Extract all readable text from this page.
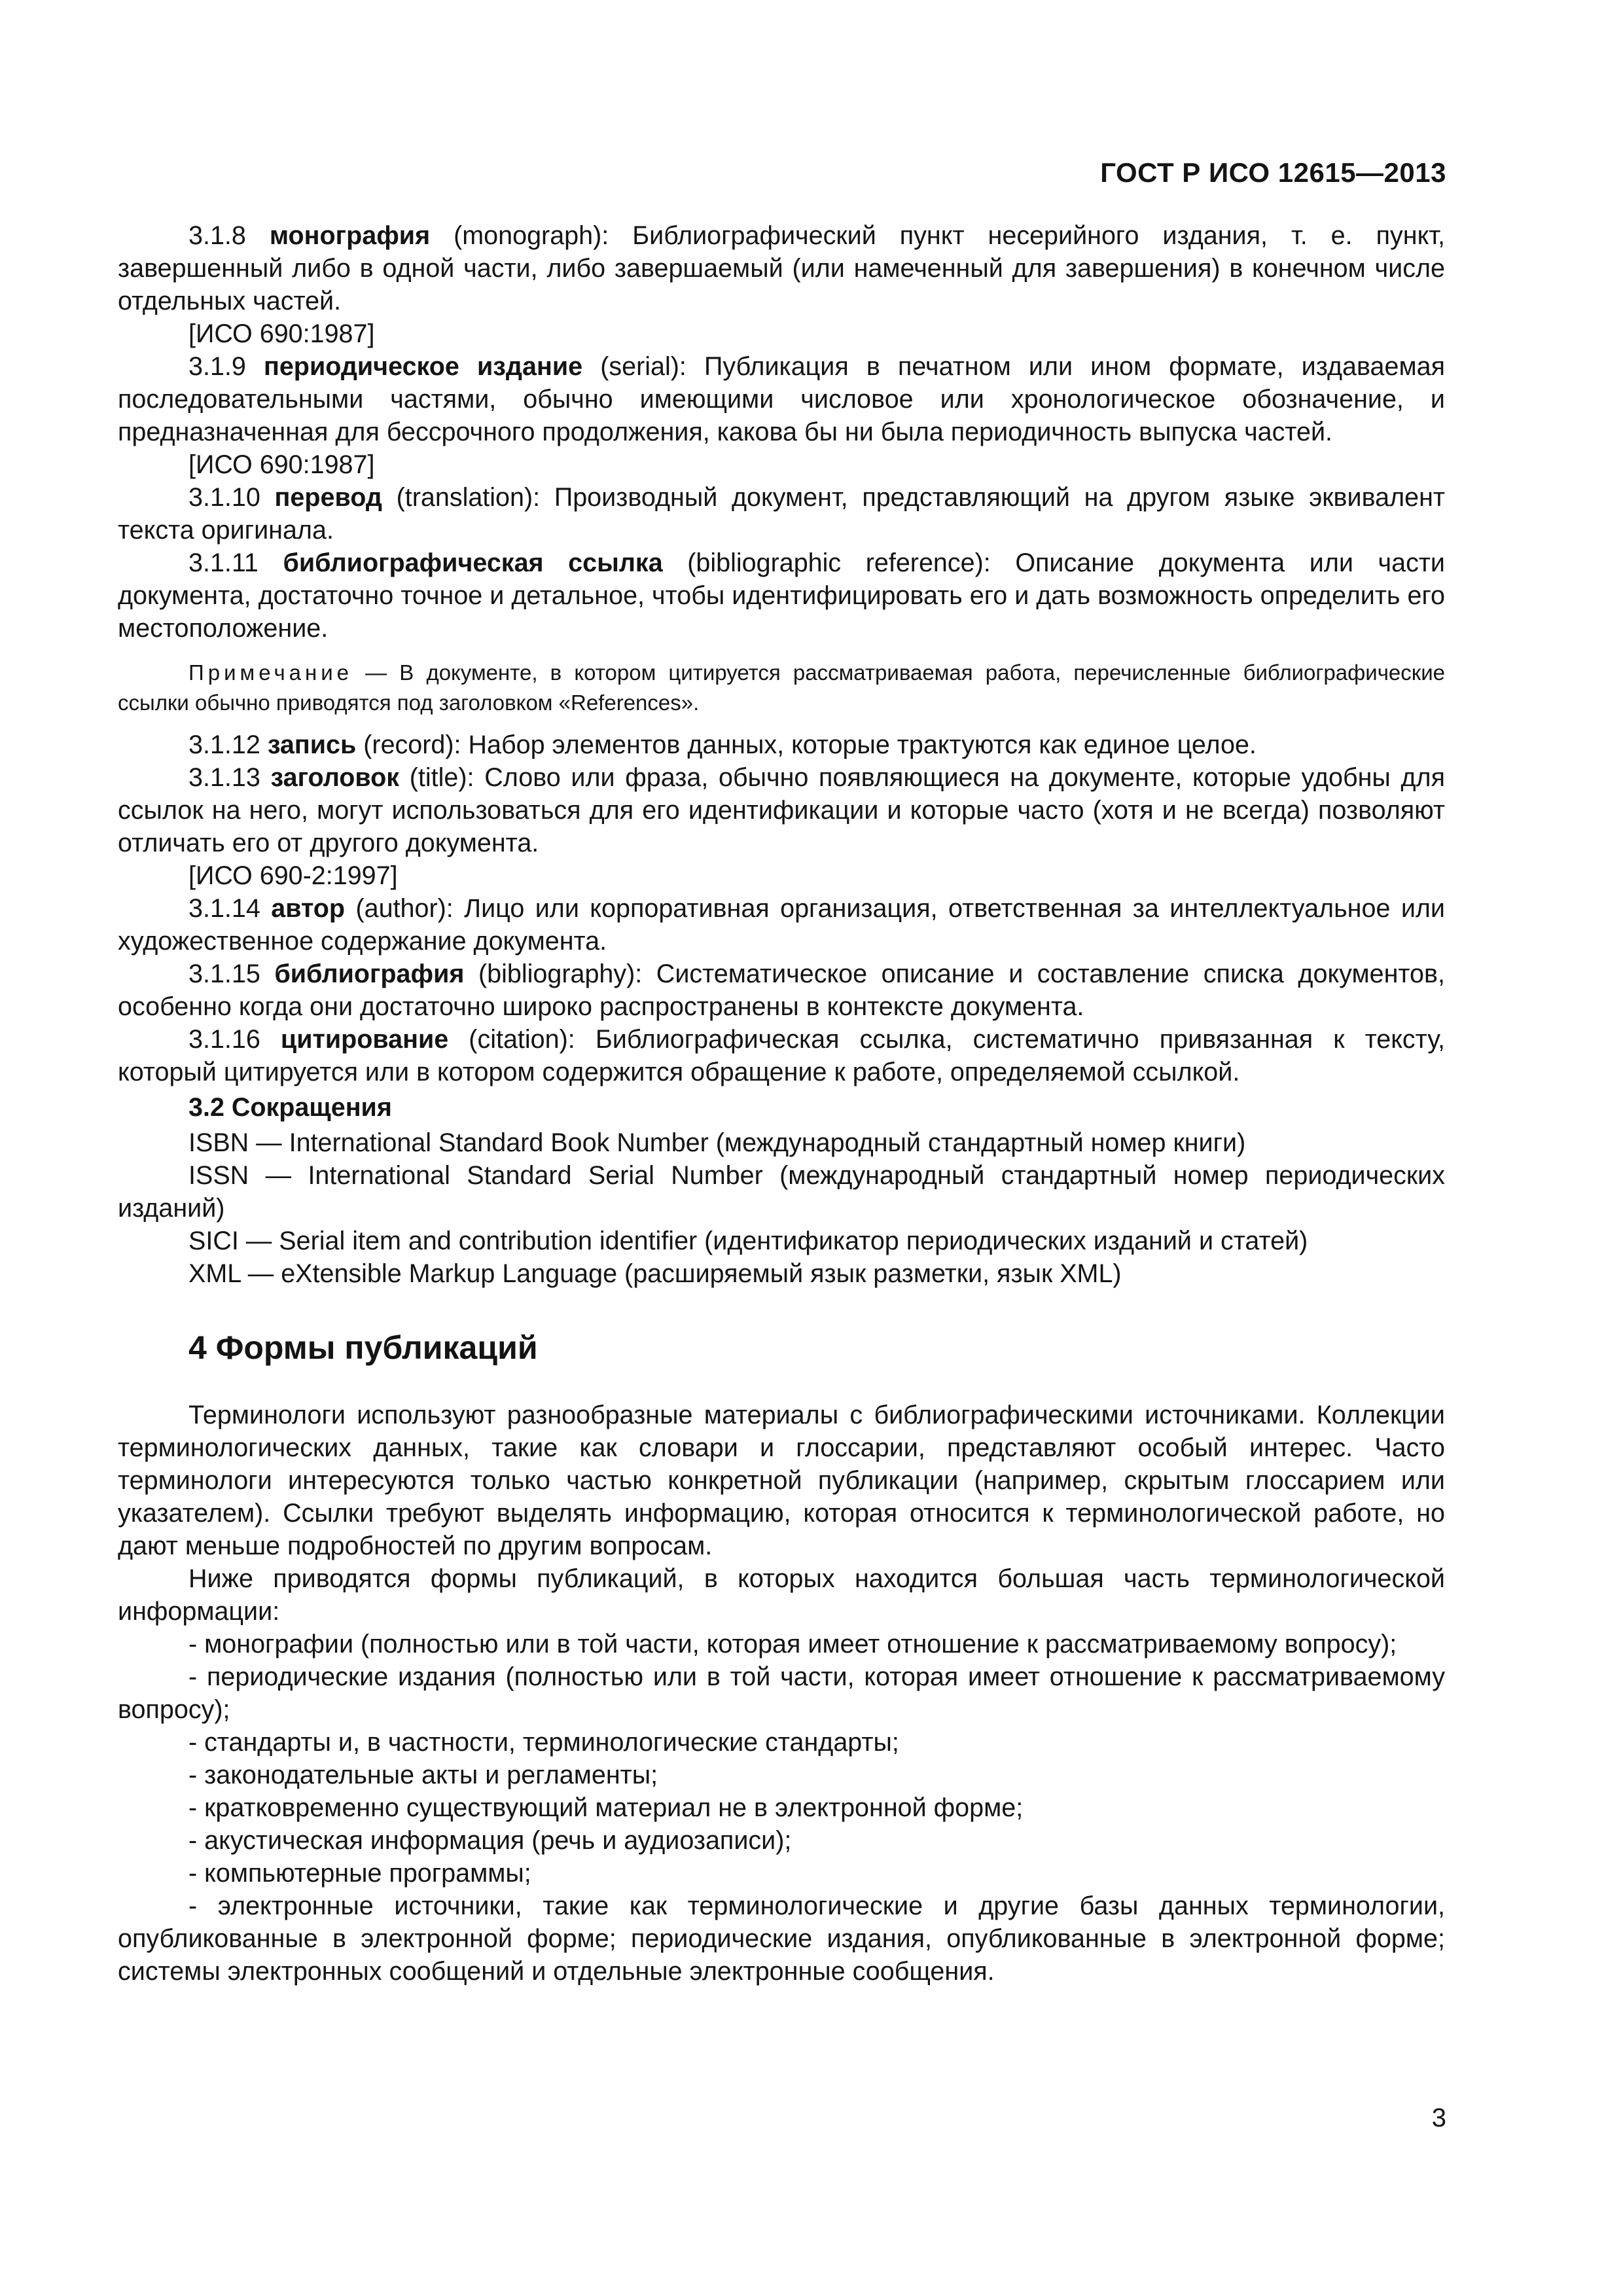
ГОСТ Р ИСО 12615—2013

3.1.8 монография (monograph): Библиографический пункт несерийного издания, т. е. пункт, завершенный либо в одной части, либо завершаемый (или намеченный для завершения) в конечном числе отдельных частей.

[ИСО 690:1987]

3.1.9 периодическое издание (serial): Публикация в печатном или ином формате, издаваемая последовательными частями, обычно имеющими числовое или хронологическое обозначение, и предназначенная для бессрочного продолжения, какова бы ни была периодичность выпуска частей.

[ИСО 690:1987]

3.1.10 перевод (translation): Производный документ, представляющий на другом языке эквивалент текста оригинала.

3.1.11 библиографическая ссылка (bibliographic reference): Описание документа или части документа, достаточно точное и детальное, чтобы идентифицировать его и дать возможность определить его местоположение.

Примечание — В документе, в котором цитируется рассматриваемая работа, перечисленные библиографические ссылки обычно приводятся под заголовком «References».

3.1.12 запись (record): Набор элементов данных, которые трактуются как единое целое.

3.1.13 заголовок (title): Слово или фраза, обычно появляющиеся на документе, которые удобны для ссылок на него, могут использоваться для его идентификации и которые часто (хотя и не всегда) позволяют отличать его от другого документа.

[ИСО 690-2:1997]

3.1.14 автор (author): Лицо или корпоративная организация, ответственная за интеллектуальное или художественное содержание документа.

3.1.15 библиография (bibliography): Систематическое описание и составление списка документов, особенно когда они достаточно широко распространены в контексте документа.

3.1.16 цитирование (citation): Библиографическая ссылка, систематично привязанная к тексту, который цитируется или в котором содержится обращение к работе, определяемой ссылкой.

3.2 Сокращения

ISBN — International Standard Book Number (международный стандартный номер книги)

ISSN — International Standard Serial Number (международный стандартный номер периодических изданий)

SICI — Serial item and contribution identifier (идентификатор периодических изданий и статей)

XML — eXtensible Markup Language (расширяемый язык разметки, язык XML)

4 Формы публикаций

Терминологи используют разнообразные материалы с библиографическими источниками. Коллекции терминологических данных, такие как словари и глоссарии, представляют особый интерес. Часто терминологи интересуются только частью конкретной публикации (например, скрытым глоссарием или указателем). Ссылки требуют выделять информацию, которая относится к терминологической работе, но дают меньше подробностей по другим вопросам.

Ниже приводятся формы публикаций, в которых находится большая часть терминологической информации:

- монографии (полностью или в той части, которая имеет отношение к рассматриваемому вопросу);

- периодические издания (полностью или в той части, которая имеет отношение к рассматриваемому вопросу);

- стандарты и, в частности, терминологические стандарты;

- законодательные акты и регламенты;

- кратковременно существующий материал не в электронной форме;

- акустическая информация (речь и аудиозаписи);

- компьютерные программы;

- электронные источники, такие как терминологические и другие базы данных терминологии, опубликованные в электронной форме; периодические издания, опубликованные в электронной форме; системы электронных сообщений и отдельные электронные сообщения.

3
